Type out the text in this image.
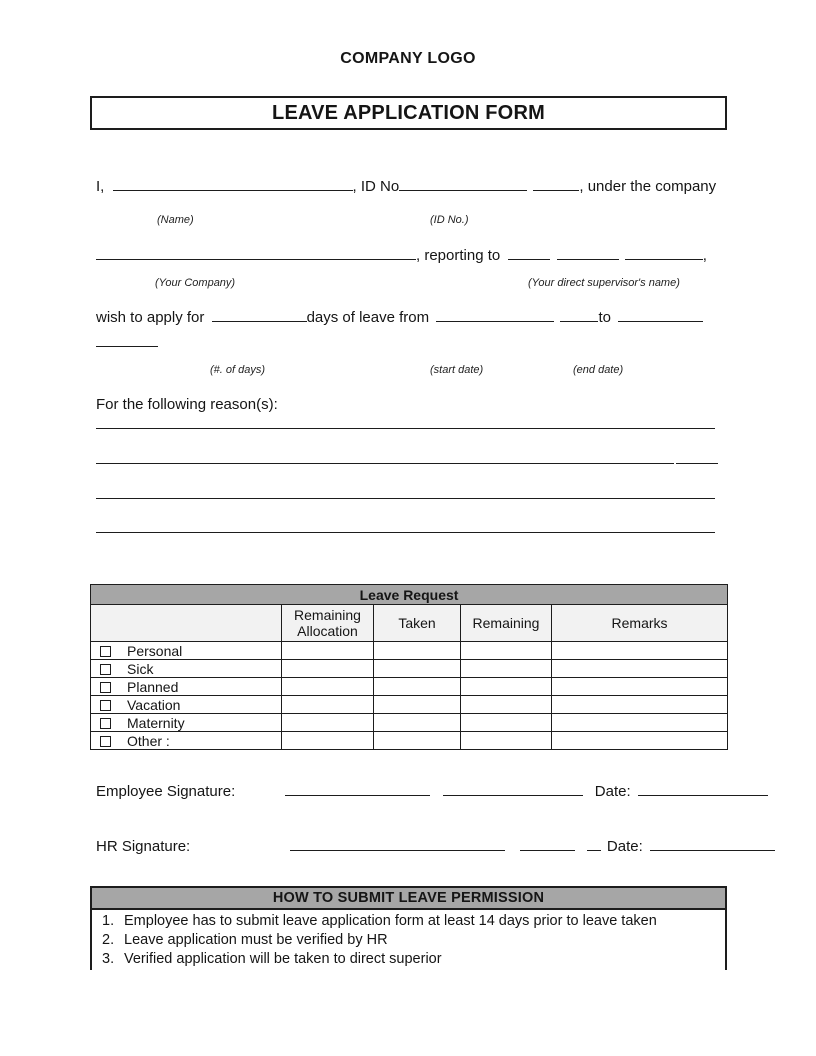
COMPANY LOGO
LEAVE APPLICATION FORM
I,	, ID No	, under the company
(Name)	(ID No.)
, reporting to	,
(Your Company)	(Your direct supervisor's name)
wish to apply for	days of leave from	to
(#. of days)	(start date)	(end date)
For the following reason(s):
Leave Request				
	Remaining Allocation	Taken	Remaining	Remarks
Personal				
Sick				
Planned				
Vacation				
Maternity				
Other :				
Employee Signature:	Date:
HR Signature:	Date:
HOW TO SUBMIT LEAVE PERMISSION
Employee has to submit leave application form at least 14 days prior to leave taken
Leave application must be verified by HR
Verified application will be taken to direct superior
